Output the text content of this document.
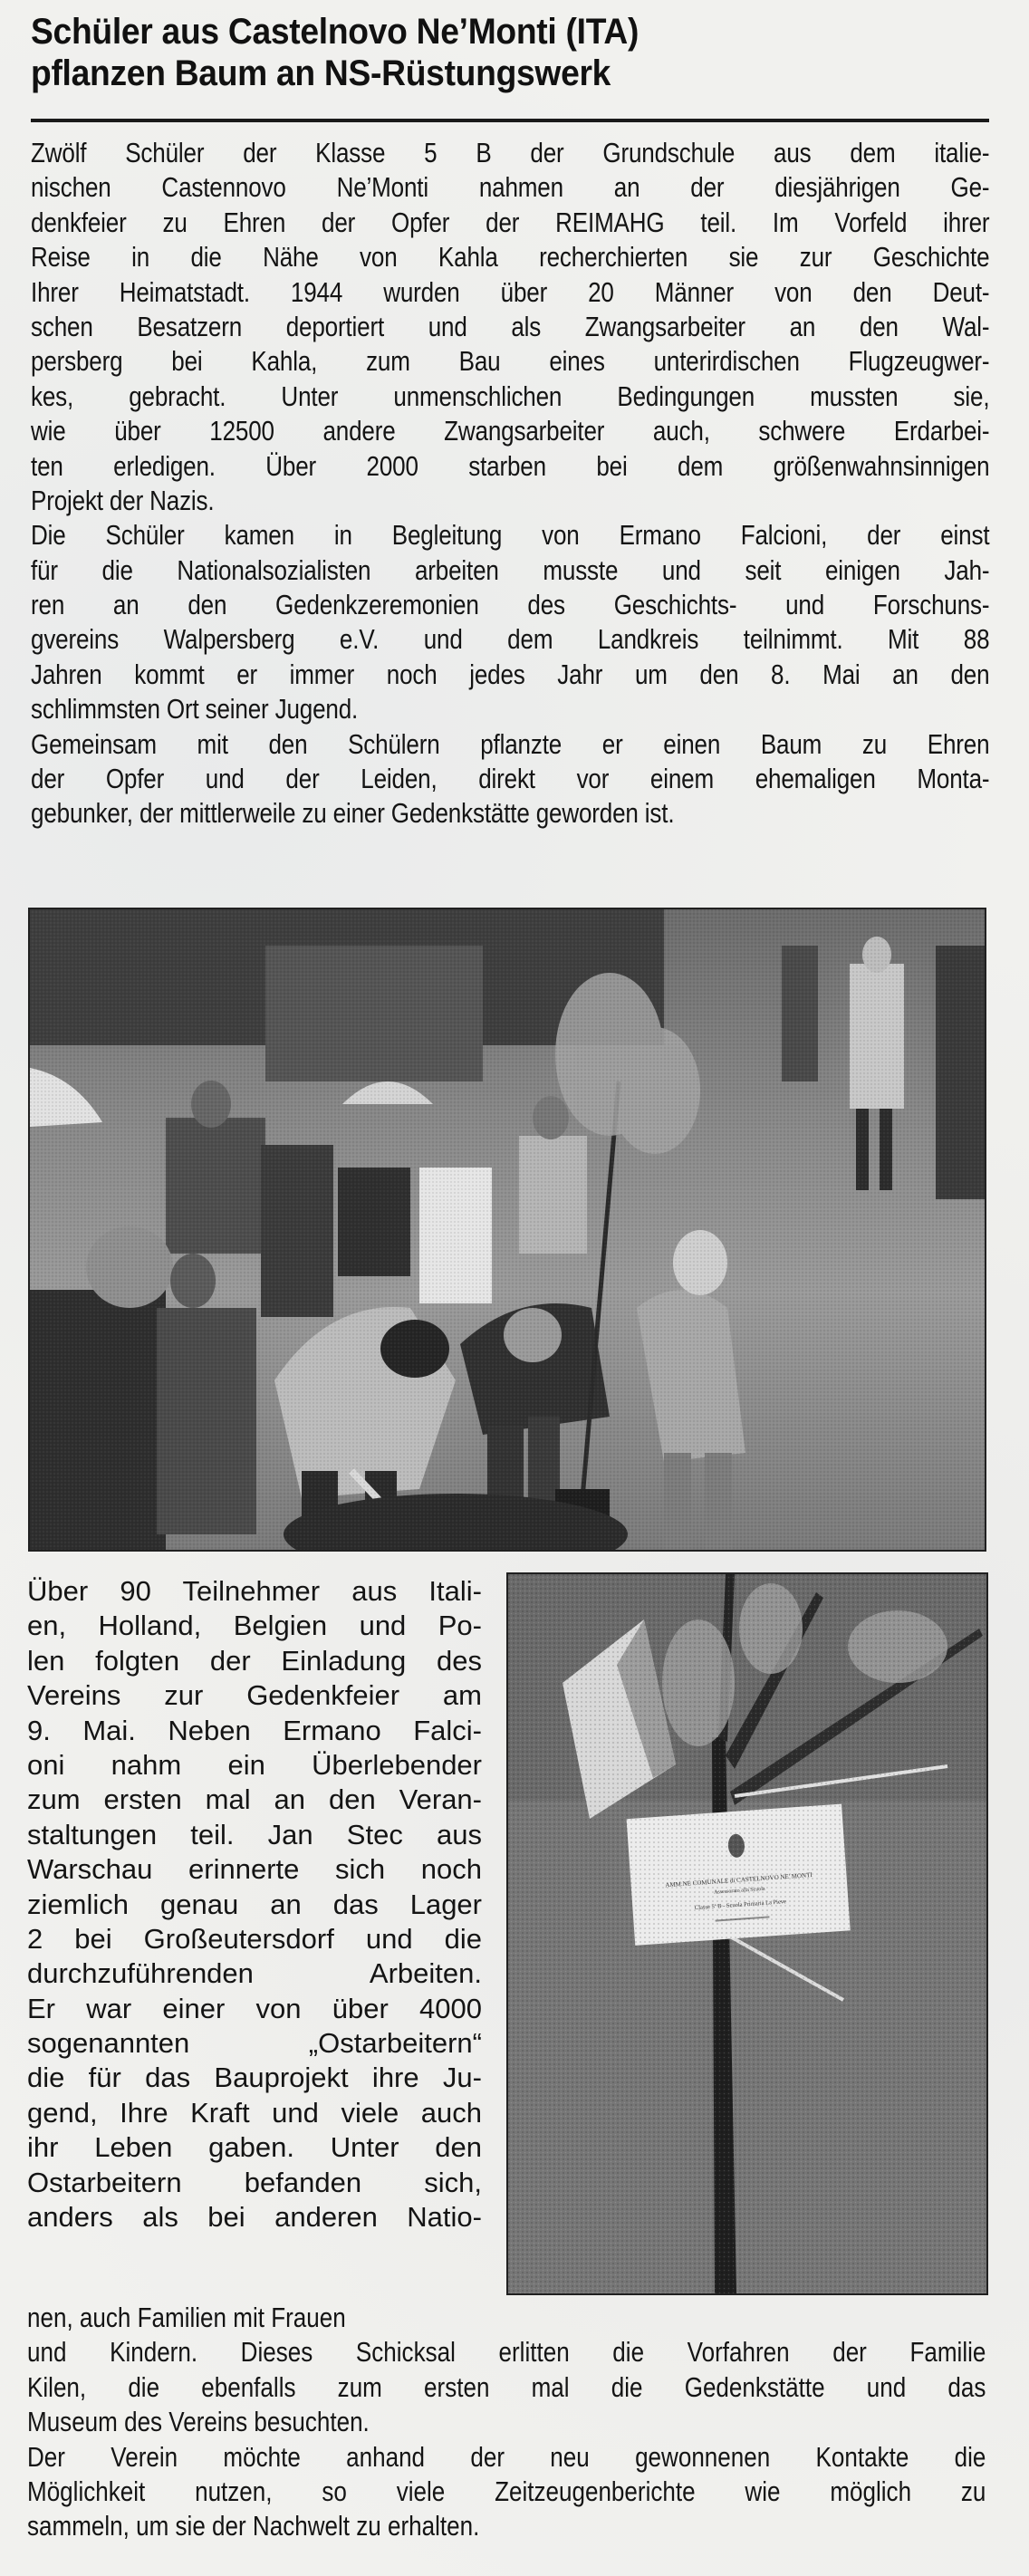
Schüler aus Castelnovo Ne’Monti (ITA)
pflanzen Baum an NS-Rüstungswerk
Zwölf Schüler der Klasse 5 B der Grundschule aus dem italie-
nischen Castennovo Ne’Monti nahmen an der diesjährigen Ge-
denkfeier zu Ehren der Opfer der REIMAHG teil. Im Vorfeld ihrer
Reise in die Nähe von Kahla recherchierten sie zur Geschichte
Ihrer Heimatstadt. 1944 wurden über 20 Männer von den Deut-
schen Besatzern deportiert und als Zwangsarbeiter an den Wal-
persberg bei Kahla, zum Bau eines unterirdischen Flugzeugwer-
kes, gebracht. Unter unmenschlichen Bedingungen mussten sie,
wie über 12500 andere Zwangsarbeiter auch, schwere Erdarbei-
ten erledigen. Über 2000 starben bei dem größenwahnsinnigen
Projekt der Nazis.
Die Schüler kamen in Begleitung von Ermano Falcioni, der einst
für die Nationalsozialisten arbeiten musste und seit einigen Jah-
ren an den Gedenkzeremonien des Geschichts- und Forschuns-
gvereins Walpersberg e.V. und dem Landkreis teilnimmt. Mit 88
Jahren kommt er immer noch jedes Jahr um den 8. Mai an den
schlimmsten Ort seiner Jugend.
Gemeinsam mit den Schülern pflanzte er einen Baum zu Ehren
der Opfer und der Leiden, direkt vor einem ehemaligen Monta-
gebunker, der mittlerweile zu einer Gedenkstätte geworden ist.
Über 90 Teilnehmer aus Itali-
en, Holland, Belgien und Po-
len folgten der Einladung des
Vereins zur Gedenkfeier am
9. Mai. Neben Ermano Falci-
oni nahm ein Überlebender
zum ersten mal an den Veran-
staltungen teil. Jan Stec aus
Warschau erinnerte sich noch
ziemlich genau an das Lager
2 bei Großeutersdorf und die
durchzuführenden Arbeiten.
Er war einer von über 4000
sogenannten „Ostarbeitern“
die für das Bauprojekt ihre Ju-
gend, Ihre Kraft und viele auch
ihr Leben gaben. Unter den
Ostarbeitern befanden sich,
anders als bei anderen Natio-
nen, auch Familien mit Frauen
und Kindern. Dieses Schicksal erlitten die Vorfahren der Familie
Kilen, die ebenfalls zum ersten mal die Gedenkstätte und das
Museum des Vereins besuchten.
Der Verein möchte anhand der neu gewonnenen Kontakte die
Möglichkeit nutzen, so viele Zeitzeugenberichte wie möglich zu
sammeln, um sie der Nachwelt zu erhalten.
